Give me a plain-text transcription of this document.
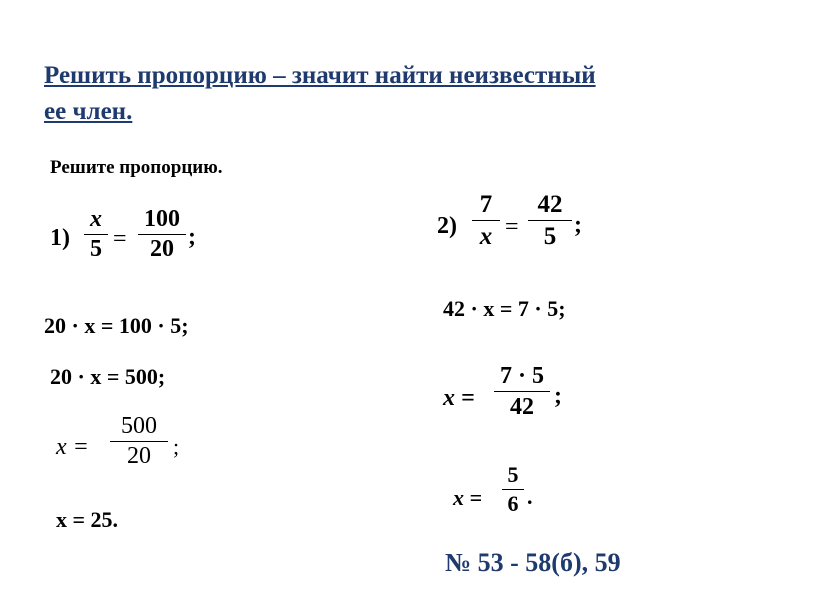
Решить пропорцию – значит найти неизвестный
ее член.
Решите пропорцию.
1)
x
5 =
100
20 ;
20 · x = 100 · 5;
20 · x = 500;
x =
500
20	;
x = 25.
2)
7
x =
42
5 ;
42 · x = 7 · 5;
x =
7 · 5
42 ;
x =
5
6 .
№ 53 - 58(б), 59
